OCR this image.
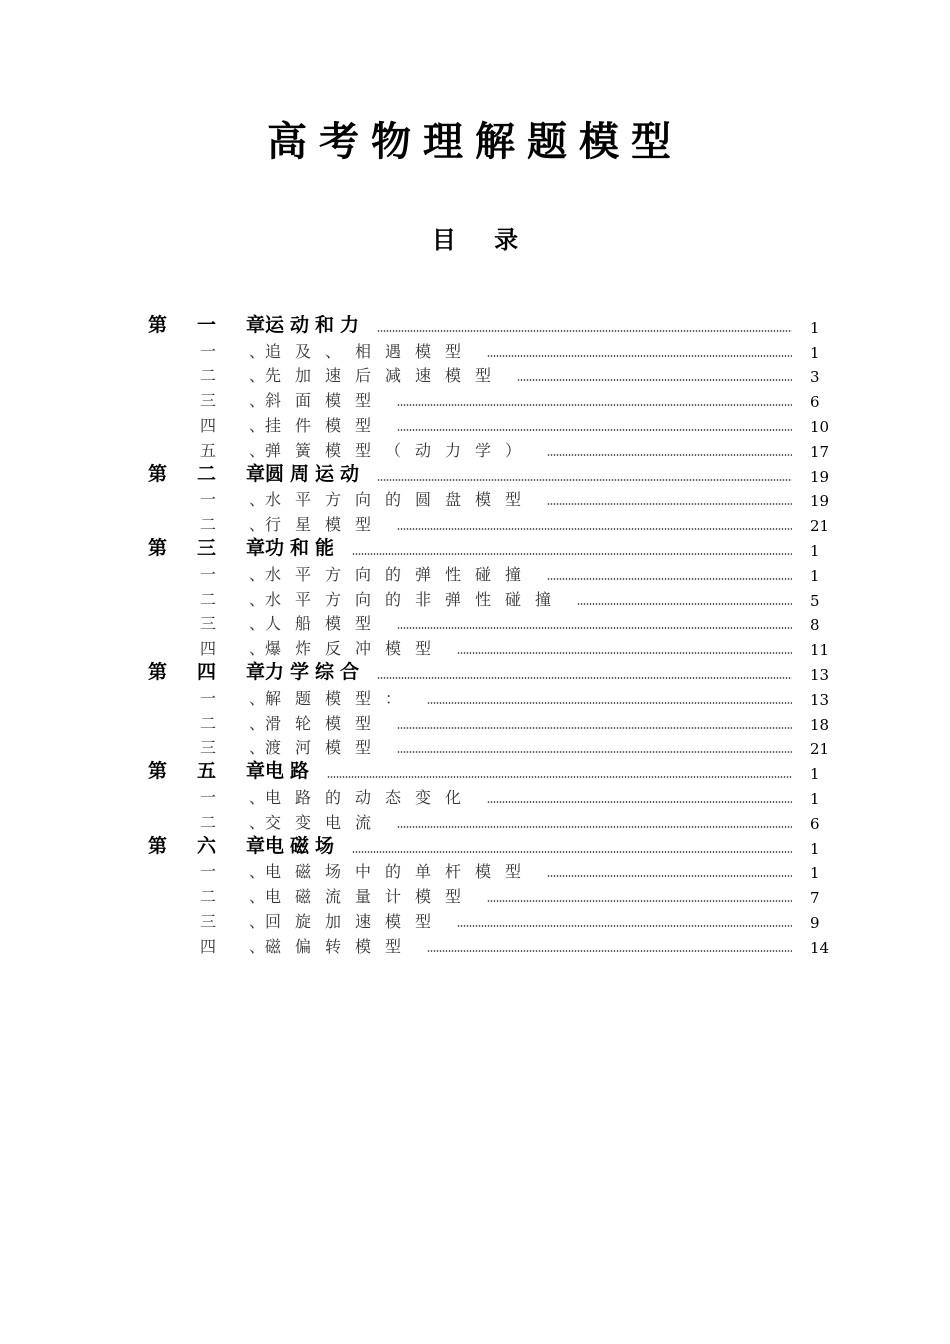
高考物理解题模型
目 录
第 一 章 运动和力	1
一 、 追及、相遇模型	1
二 、 先加速后减速模型	3
三 、 斜面模型	6
四 、 挂件模型	10
五 、 弹簧模型（动力学）	17
第 二 章 圆周运动	19
一 、 水平方向的圆盘模型	19
二 、 行星模型	21
第 三 章 功和能	1
一 、 水平方向的弹性碰撞	1
二 、 水平方向的非弹性碰撞	5
三 、 人船模型	8
四 、 爆炸反冲模型	11
第 四 章 力学综合	13
一 、 解题模型：	13
二 、 滑轮模型	18
三 、 渡河模型	21
第 五 章 电路	1
一 、 电路的动态变化	1
二 、 交变电流	6
第 六 章 电磁场	1
一 、 电磁场中的单杆模型	1
二 、 电磁流量计模型	7
三 、 回旋加速模型	9
四 、 磁偏转模型	14
